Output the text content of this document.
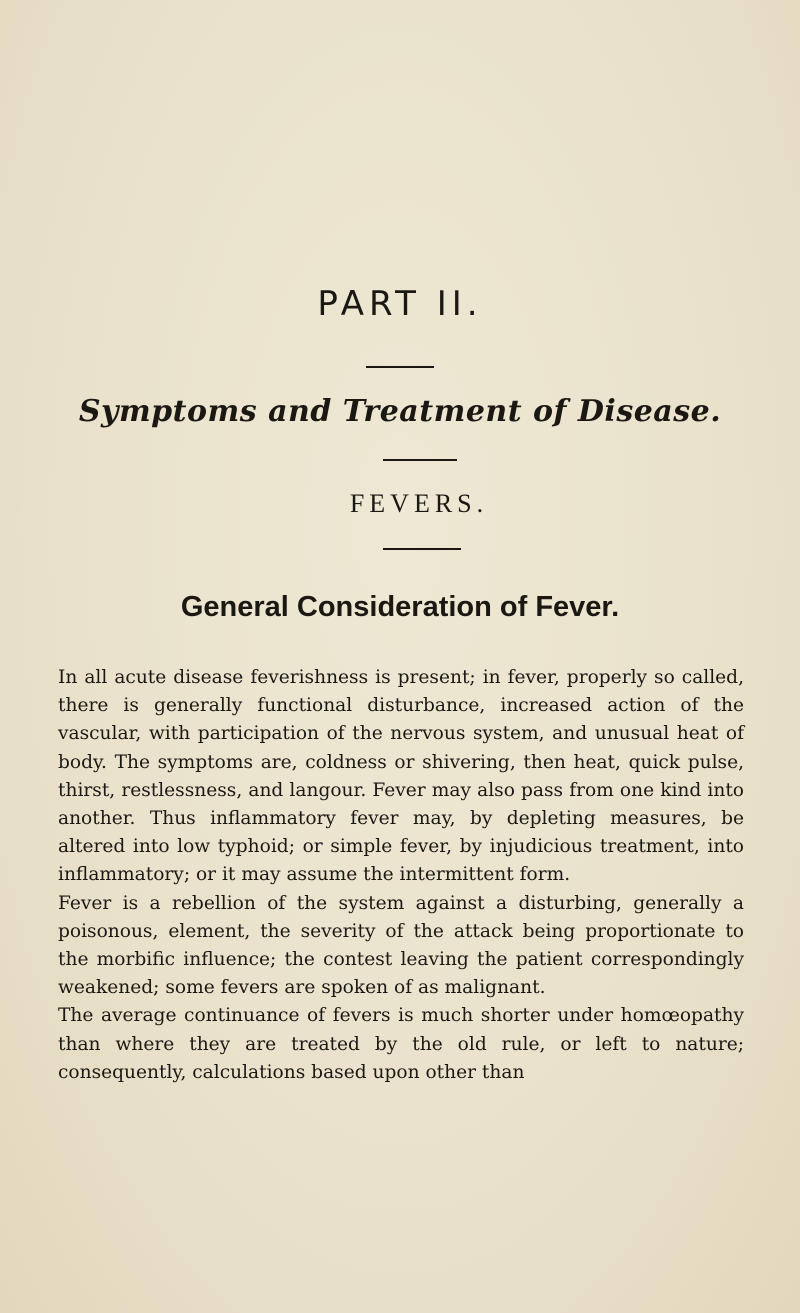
PART II.
Symptoms and Treatment of Disease.
FEVERS.
General Consideration of Fever.

In all acute disease feverishness is present; in fever, properly so called, there is generally functional disturbance, increased action of the vascular, with participation of the nervous system, and unusual heat of body. The symptoms are, coldness or shivering, then heat, quick pulse, thirst, restlessness, and langour. Fever may also pass from one kind into another. Thus inflammatory fever may, by depleting measures, be altered into low typhoid; or simple fever, by injudicious treatment, into inflammatory; or it may assume the intermittent form.

Fever is a rebellion of the system against a disturbing, generally a poisonous, element, the severity of the attack being proportionate to the morbific influence; the contest leaving the patient correspondingly weakened; some fevers are spoken of as malignant.

The average continuance of fevers is much shorter under homœopathy than where they are treated by the old rule, or left to nature; consequently, calculations based upon other than
